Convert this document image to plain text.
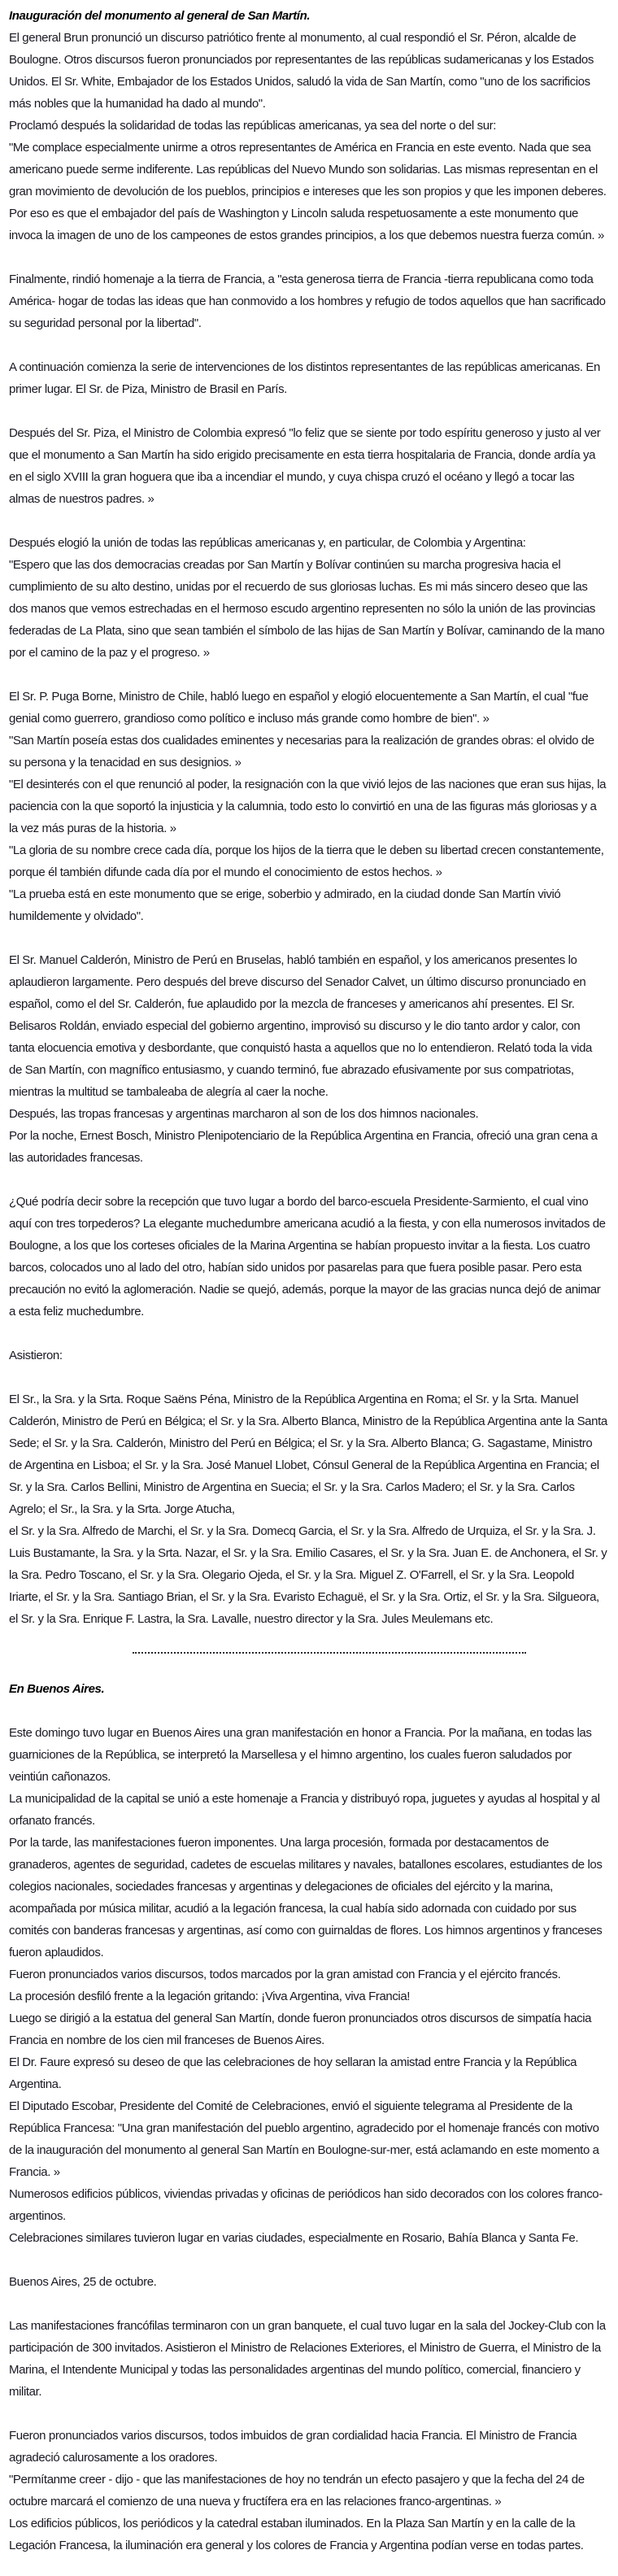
Inauguración del monumento al general de San Martín.

El general Brun pronunció un discurso patriótico frente al monumento, al cual respondió el Sr. Péron, alcalde de Boulogne. Otros discursos fueron pronunciados por representantes de las repúblicas sudamericanas y los Estados Unidos. El Sr. White, Embajador de los Estados Unidos, saludó la vida de San Martín, como "uno de los sacrificios más nobles que la humanidad ha dado al mundo".

Proclamó después la solidaridad de todas las repúblicas americanas, ya sea del norte o del sur:

"Me complace especialmente unirme a otros representantes de América en Francia en este evento. Nada que sea americano puede serme indiferente. Las repúblicas del Nuevo Mundo son solidarias. Las mismas representan en el gran movimiento de devolución de los pueblos, principios e intereses que les son propios y que les imponen deberes. Por eso es que el embajador del país de Washington y Lincoln saluda respetuosamente a este monumento que invoca la imagen de uno de los campeones de estos grandes principios, a los que debemos nuestra fuerza común. »

Finalmente, rindió homenaje a la tierra de Francia, a "esta generosa tierra de Francia -tierra republicana como toda América- hogar de todas las ideas que han conmovido a los hombres y refugio de todos aquellos que han sacrificado su seguridad personal por la libertad".

A continuación comienza la serie de intervenciones de los distintos representantes de las repúblicas americanas. En primer lugar. El Sr. de Piza, Ministro de Brasil en París.

Después del Sr. Piza, el Ministro de Colombia expresó "lo feliz que se siente por todo espíritu generoso y justo al ver que el monumento a San Martín ha sido erigido precisamente en esta tierra hospitalaria de Francia, donde ardía ya en el siglo XVIII la gran hoguera que iba a incendiar el mundo, y cuya chispa cruzó el océano y llegó a tocar las almas de nuestros padres. »

Después elogió la unión de todas las repúblicas americanas y, en particular, de Colombia y Argentina:

"Espero que las dos democracias creadas por San Martín y Bolívar continúen su marcha progresiva hacia el cumplimiento de su alto destino, unidas por el recuerdo de sus gloriosas luchas. Es mi más sincero deseo que las dos manos que vemos estrechadas en el hermoso escudo argentino representen no sólo la unión de las provincias federadas de La Plata, sino que sean también el símbolo de las hijas de San Martín y Bolívar, caminando de la mano por el camino de la paz y el progreso. »

El Sr. P. Puga Borne, Ministro de Chile, habló luego en español y elogió elocuentemente a San Martín, el cual "fue genial como guerrero, grandioso como político e incluso más grande como hombre de bien". »

"San Martín poseía estas dos cualidades eminentes y necesarias para la realización de grandes obras: el olvido de su persona y la tenacidad en sus designios. »

"El desinterés con el que renunció al poder, la resignación con la que vivió lejos de las naciones que eran sus hijas, la paciencia con la que soportó la injusticia y la calumnia, todo esto lo convirtió en una de las figuras más gloriosas y a la vez más puras de la historia. »

"La gloria de su nombre crece cada día, porque los hijos de la tierra que le deben su libertad crecen constantemente, porque él también difunde cada día por el mundo el conocimiento de estos hechos. »

"La prueba está en este monumento que se erige, soberbio y admirado, en la ciudad donde San Martín vivió humildemente y olvidado".

El Sr. Manuel Calderón, Ministro de Perú en Bruselas, habló también en español, y los americanos presentes lo aplaudieron largamente. Pero después del breve discurso del Senador Calvet, un último discurso pronunciado en español, como el del Sr. Calderón, fue aplaudido por la mezcla de franceses y americanos ahí presentes. El Sr. Belisaros Roldán, enviado especial del gobierno argentino, improvisó su discurso y le dio tanto ardor y calor, con tanta elocuencia emotiva y desbordante, que conquistó hasta a aquellos que no lo entendieron. Relató toda la vida de San Martín, con magnífico entusiasmo, y cuando terminó, fue abrazado efusivamente por sus compatriotas, mientras la multitud se tambaleaba de alegría al caer la noche.

Después, las tropas francesas y argentinas marcharon al son de los dos himnos nacionales.

Por la noche, Ernest Bosch, Ministro Plenipotenciario de la República Argentina en Francia, ofreció una gran cena a las autoridades francesas.

¿Qué podría decir sobre la recepción que tuvo lugar a bordo del barco-escuela Presidente-Sarmiento, el cual vino aquí con tres torpederos? La elegante muchedumbre americana acudió a la fiesta, y con ella numerosos invitados de Boulogne, a los que los corteses oficiales de la Marina Argentina se habían propuesto invitar a la fiesta. Los cuatro barcos, colocados uno al lado del otro, habían sido unidos por pasarelas para que fuera posible pasar. Pero esta precaución no evitó la aglomeración. Nadie se quejó, además, porque la mayor de las gracias nunca dejó de animar a esta feliz muchedumbre.

Asistieron:

El Sr., la Sra. y la Srta. Roque Saëns Péna, Ministro de la República Argentina en Roma; el Sr. y la Srta. Manuel Calderón, Ministro de Perú en Bélgica; el Sr. y la Sra. Alberto Blanca, Ministro de la República Argentina ante la Santa Sede; el Sr. y la Sra. Calderón, Ministro del Perú en Bélgica; el Sr. y la Sra. Alberto Blanca; G. Sagastame, Ministro de Argentina en Lisboa; el Sr. y la Sra. José Manuel Llobet, Cónsul General de la República Argentina en Francia; el Sr. y la Sra. Carlos Bellini, Ministro de Argentina en Suecia; el Sr. y la Sra. Carlos Madero; el Sr. y la Sra. Carlos Agrelo; el Sr., la Sra. y la Srta. Jorge Atucha,

el Sr. y la Sra. Alfredo de Marchi, el Sr. y la Sra. Domecq Garcia, el Sr. y la Sra. Alfredo de Urquiza, el Sr. y la Sra. J. Luis Bustamante, la Sra. y la Srta. Nazar, el Sr. y la Sra. Emilio Casares, el Sr. y la Sra. Juan E. de Anchonera, el Sr. y la Sra. Pedro Toscano, el Sr. y la Sra. Olegario Ojeda, el Sr. y la Sra. Miguel Z. O'Farrell, el Sr. y la Sra. Leopold Iriarte, el Sr. y la Sra. Santiago Brian, el Sr. y la Sra. Evaristo Echaguë, el Sr. y la Sra. Ortiz, el Sr. y la Sra. Silgueora, el Sr. y la Sra. Enrique F. Lastra, la Sra. Lavalle, nuestro director y la Sra. Jules Meulemans etc.

En Buenos Aires.

Este domingo tuvo lugar en Buenos Aires una gran manifestación en honor a Francia. Por la mañana, en todas las guarniciones de la República, se interpretó la Marsellesa y el himno argentino, los cuales fueron saludados por veintiún cañonazos.

La municipalidad de la capital se unió a este homenaje a Francia y distribuyó ropa, juguetes y ayudas al hospital y al orfanato francés.

Por la tarde, las manifestaciones fueron imponentes. Una larga procesión, formada por destacamentos de granaderos, agentes de seguridad, cadetes de escuelas militares y navales, batallones escolares, estudiantes de los colegios nacionales, sociedades francesas y argentinas y delegaciones de oficiales del ejército y la marina, acompañada por música militar, acudió a la legación francesa, la cual había sido adornada con cuidado por sus comités con banderas francesas y argentinas, así como con guirnaldas de flores. Los himnos argentinos y franceses fueron aplaudidos.

Fueron pronunciados varios discursos, todos marcados por la gran amistad con Francia y el ejército francés.

La procesión desfiló frente a la legación gritando: ¡Viva Argentina, viva Francia!

Luego se dirigió a la estatua del general San Martín, donde fueron pronunciados otros discursos de simpatía hacia Francia en nombre de los cien mil franceses de Buenos Aires.

El Dr. Faure expresó su deseo de que las celebraciones de hoy sellaran la amistad entre Francia y la República Argentina.

El Diputado Escobar, Presidente del Comité de Celebraciones, envió el siguiente telegrama al Presidente de la República Francesa: "Una gran manifestación del pueblo argentino, agradecido por el homenaje francés con motivo de la inauguración del monumento al general San Martín en Boulogne-sur-mer, está aclamando en este momento a Francia. »

Numerosos edificios públicos, viviendas privadas y oficinas de periódicos han sido decorados con los colores franco-argentinos.

Celebraciones similares tuvieron lugar en varias ciudades, especialmente en Rosario, Bahía Blanca y Santa Fe.

Buenos Aires, 25 de octubre.

Las manifestaciones francófilas terminaron con un gran banquete, el cual tuvo lugar en la sala del Jockey-Club con la participación de 300 invitados. Asistieron el Ministro de Relaciones Exteriores, el Ministro de Guerra, el Ministro de la Marina, el Intendente Municipal y todas las personalidades argentinas del mundo político, comercial, financiero y militar.

Fueron pronunciados varios discursos, todos imbuidos de gran cordialidad hacia Francia. El Ministro de Francia agradeció calurosamente a los oradores.

"Permítanme creer - dijo - que las manifestaciones de hoy no tendrán un efecto pasajero y que la fecha del 24 de octubre marcará el comienzo de una nueva y fructífera era en las relaciones franco-argentinas. »

Los edificios públicos, los periódicos y la catedral estaban iluminados. En la Plaza San Martín y en la calle de la Legación Francesa, la iluminación era general y los colores de Francia y Argentina podían verse en todas partes.
